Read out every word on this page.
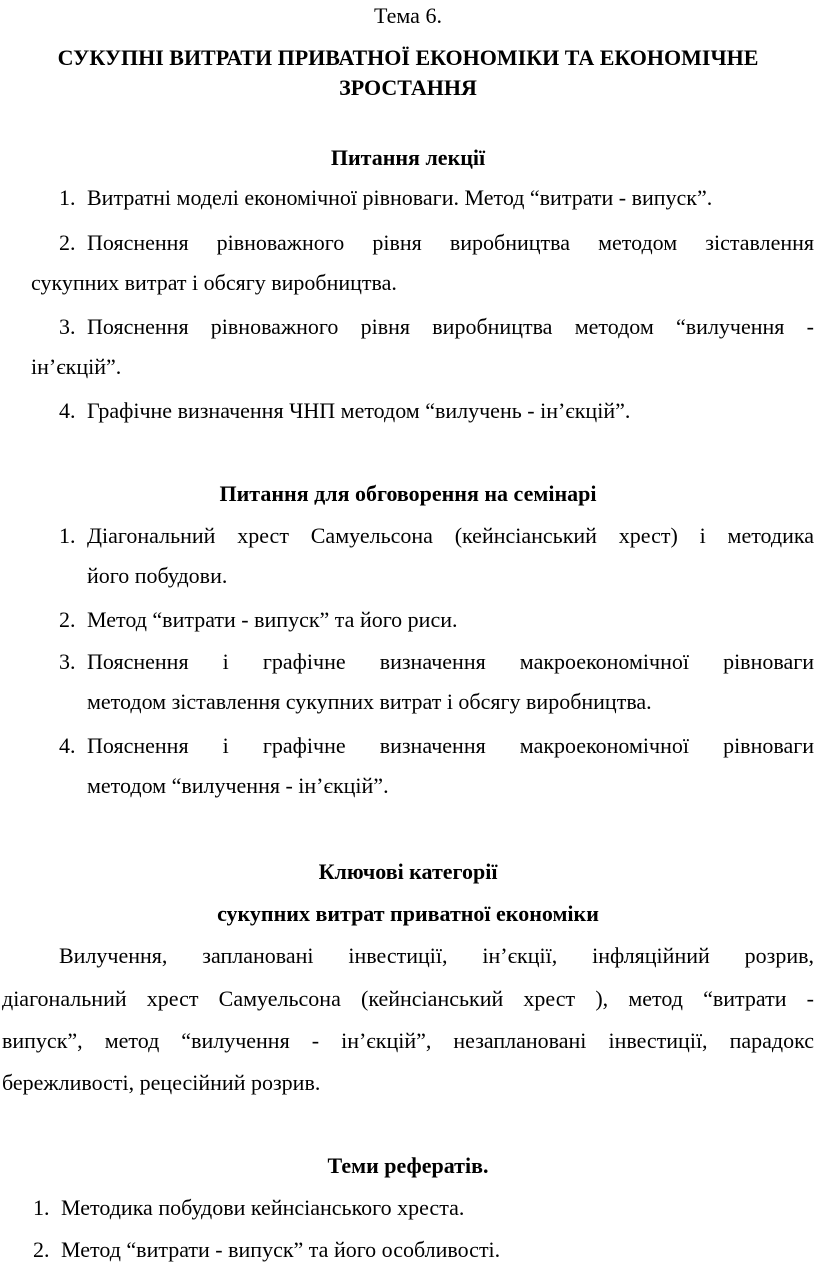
Тема 6.
СУКУПНІ ВИТРАТИ ПРИВАТНОЇ ЕКОНОМІКИ ТА ЕКОНОМІЧНЕ
ЗРОСТАННЯ
Питання лекції
1. Витратні моделі економічної рівноваги. Метод “витрати - випуск”.
2. Пояснення рівноважного рівня виробництва методом зіставлення
сукупних витрат і обсягу виробництва.
3. Пояснення рівноважного рівня виробництва методом “вилучення -
ін’єкцій”.
4. Графічне визначення ЧНП методом “вилучень - ін’єкцій”.
Питання для обговорення на семінарі
1. Діагональний хрест Самуельсона (кейнсіанський хрест) і методика
його побудови.
2. Метод “витрати - випуск” та його риси.
3. Пояснення і графічне визначення макроекономічної рівноваги
методом зіставлення сукупних витрат і обсягу виробництва.
4. Пояснення і графічне визначення макроекономічної рівноваги
методом “вилучення - ін’єкцій”.
Ключові категорії
сукупних витрат приватної економіки
Вилучення, заплановані інвестиції, ін’єкції, інфляційний розрив,
діагональний хрест Самуельсона (кейнсіанський хрест ), метод “витрати -
випуск”, метод “вилучення - ін’єкцій”, незаплановані інвестиції, парадокс
бережливості, рецесійний розрив.
Теми рефератів.
1. Методика побудови кейнсіанського хреста.
2. Метод “витрати - випуск” та його особливості.
